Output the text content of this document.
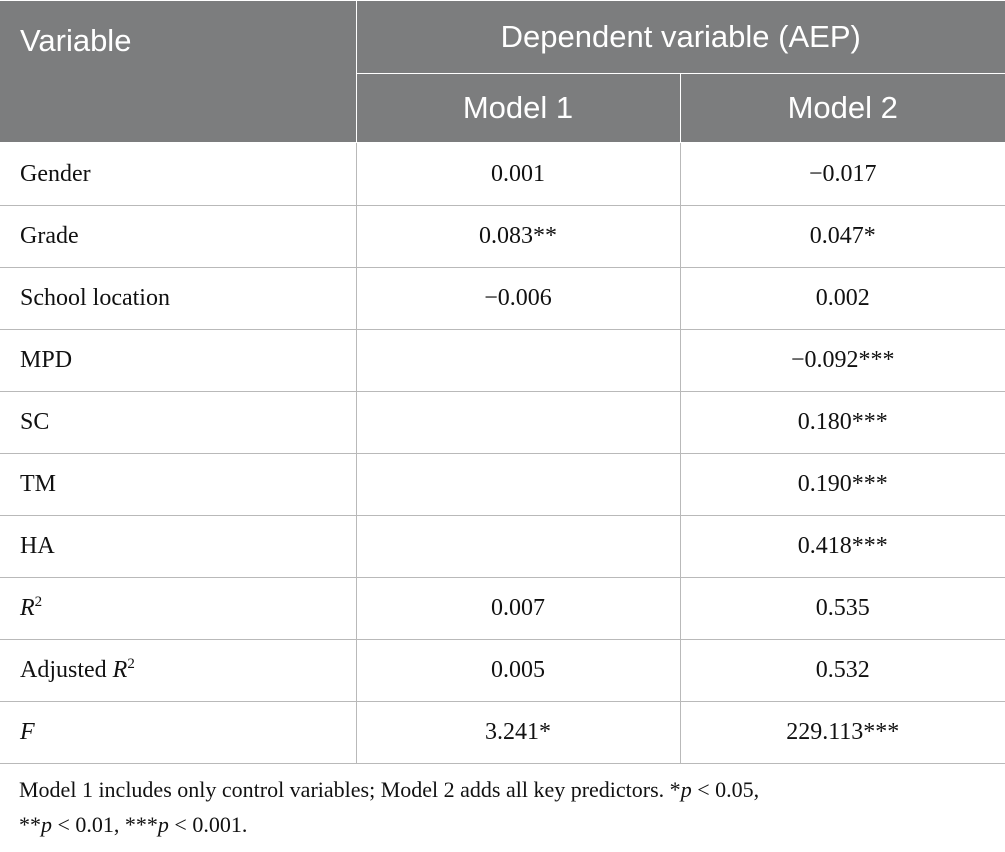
Variable	Dependent variable (AEP)	
	Model 1	Model 2
Gender	0.001	−0.017
Grade	0.083**	0.047*
School location	−0.006	0.002
MPD		−0.092***
SC		0.180***
TM		0.190***
HA		0.418***
$R^2$	0.007	0.535
Adjusted $R^2$	0.005	0.532
F	3.241*	229.113***
Model 1 includes only control variables; Model 2 adds all key predictors. *p < 0.05,
**p < 0.01, ***p < 0.001.
